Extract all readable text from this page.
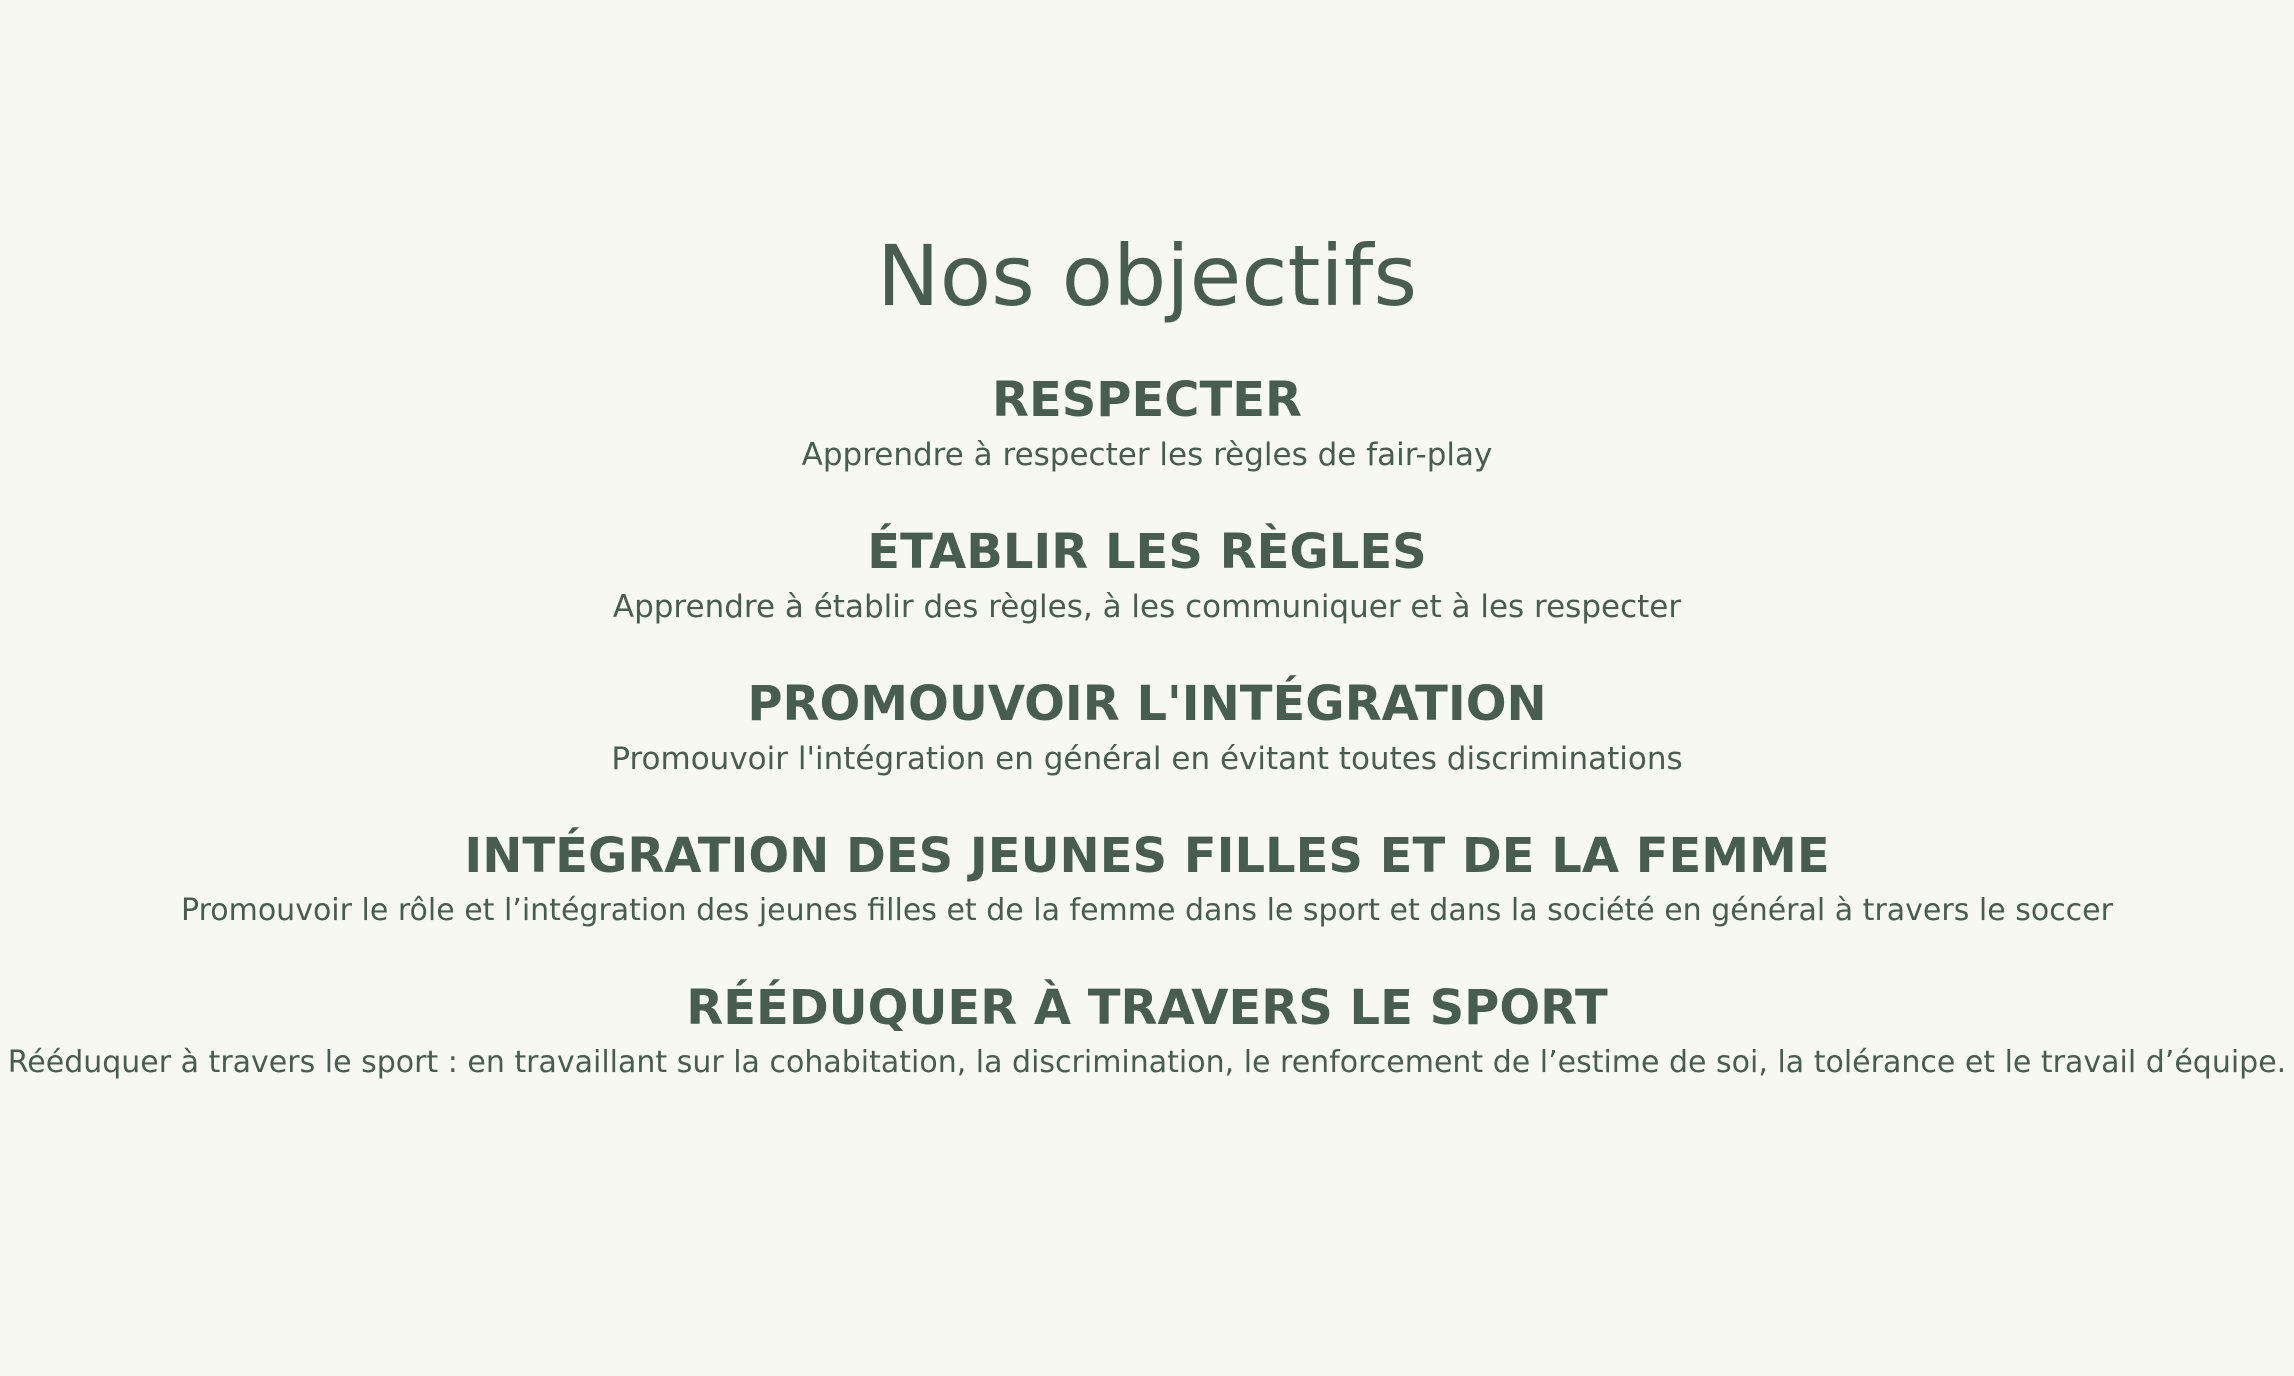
Nos objectifs
RESPECTER

Apprendre à respecter les règles de fair-play

ÉTABLIR LES RÈGLES

Apprendre à établir des règles, à les communiquer et à les respecter

PROMOUVOIR L'INTÉGRATION

Promouvoir l'intégration en général en évitant toutes discriminations

INTÉGRATION DES JEUNES FILLES ET DE LA FEMME

Promouvoir le rôle et l’intégration des jeunes filles et de la femme dans le sport et dans la société en général à travers le soccer

RÉÉDUQUER À TRAVERS LE SPORT

Rééduquer à travers le sport : en travaillant sur la cohabitation, la discrimination, le renforcement de l’estime de soi, la tolérance et le travail d’équipe.
